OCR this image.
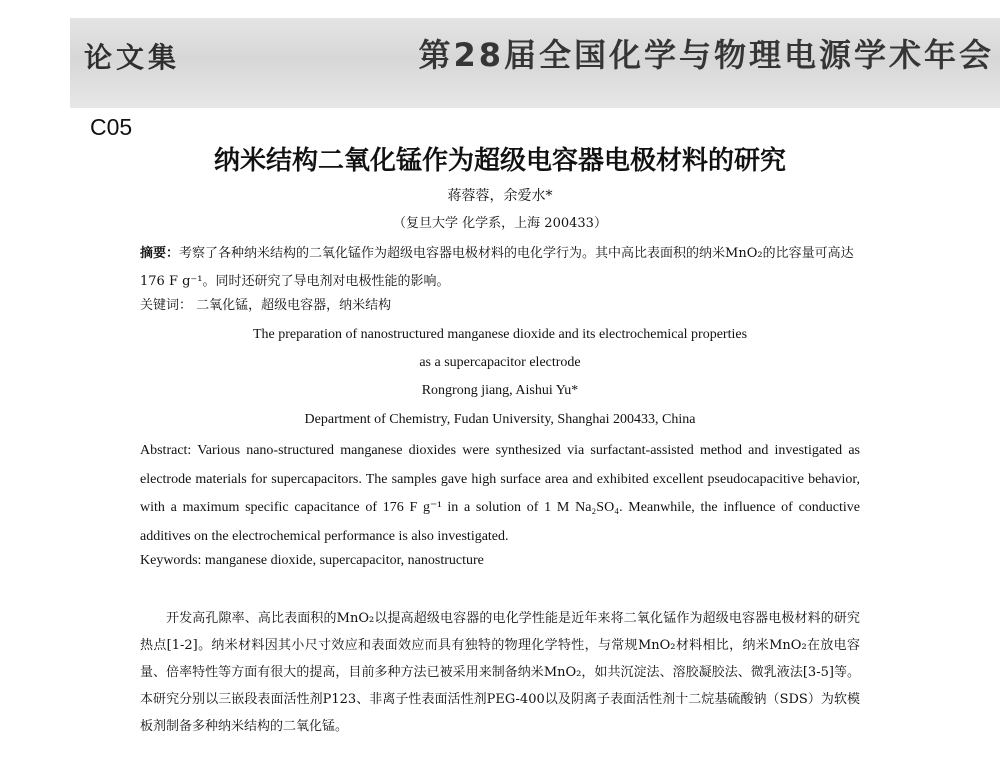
论文集	第28届全国化学与物理电源学术年会
C05
纳米结构二氧化锰作为超级电容器电极材料的研究
蒋蓉蓉，余爱水*
（复旦大学 化学系，上海 200433）
摘要：考察了各种纳米结构的二氧化锰作为超级电容器电极材料的电化学行为。其中高比表面积的纳米MnO₂的比容量可高达176 F g⁻¹。同时还研究了导电剂对电极性能的影响。
关键词： 二氧化锰，超级电容器，纳米结构
The preparation of nanostructured manganese dioxide and its electrochemical properties
as a supercapacitor electrode
Rongrong jiang, Aishui Yu*
Department of Chemistry, Fudan University, Shanghai 200433, China
Abstract: Various nano-structured manganese dioxides were synthesized via surfactant-assisted method and investigated as electrode materials for supercapacitors. The samples gave high surface area and exhibited excellent pseudocapacitive behavior, with a maximum specific capacitance of 176 F g⁻¹ in a solution of 1 M Na₂SO₄. Meanwhile, the influence of conductive additives on the electrochemical performance is also investigated.
Keywords: manganese dioxide, supercapacitor, nanostructure
开发高孔隙率、高比表面积的MnO₂以提高超级电容器的电化学性能是近年来将二氧化锰作为超级电容器电极材料的研究热点[1-2]。纳米材料因其小尺寸效应和表面效应而具有独特的物理化学特性，与常规MnO₂材料相比，纳米MnO₂在放电容量、倍率特性等方面有很大的提高，目前多种方法已被采用来制备纳米MnO₂，如共沉淀法、溶胶凝胶法、微乳液法[3-5]等。本研究分别以三嵌段表面活性剂P123、非离子性表面活性剂PEG-400以及阴离子表面活性剂十二烷基硫酸钠（SDS）为软模板剂制备多种纳米结构的二氧化锰。
